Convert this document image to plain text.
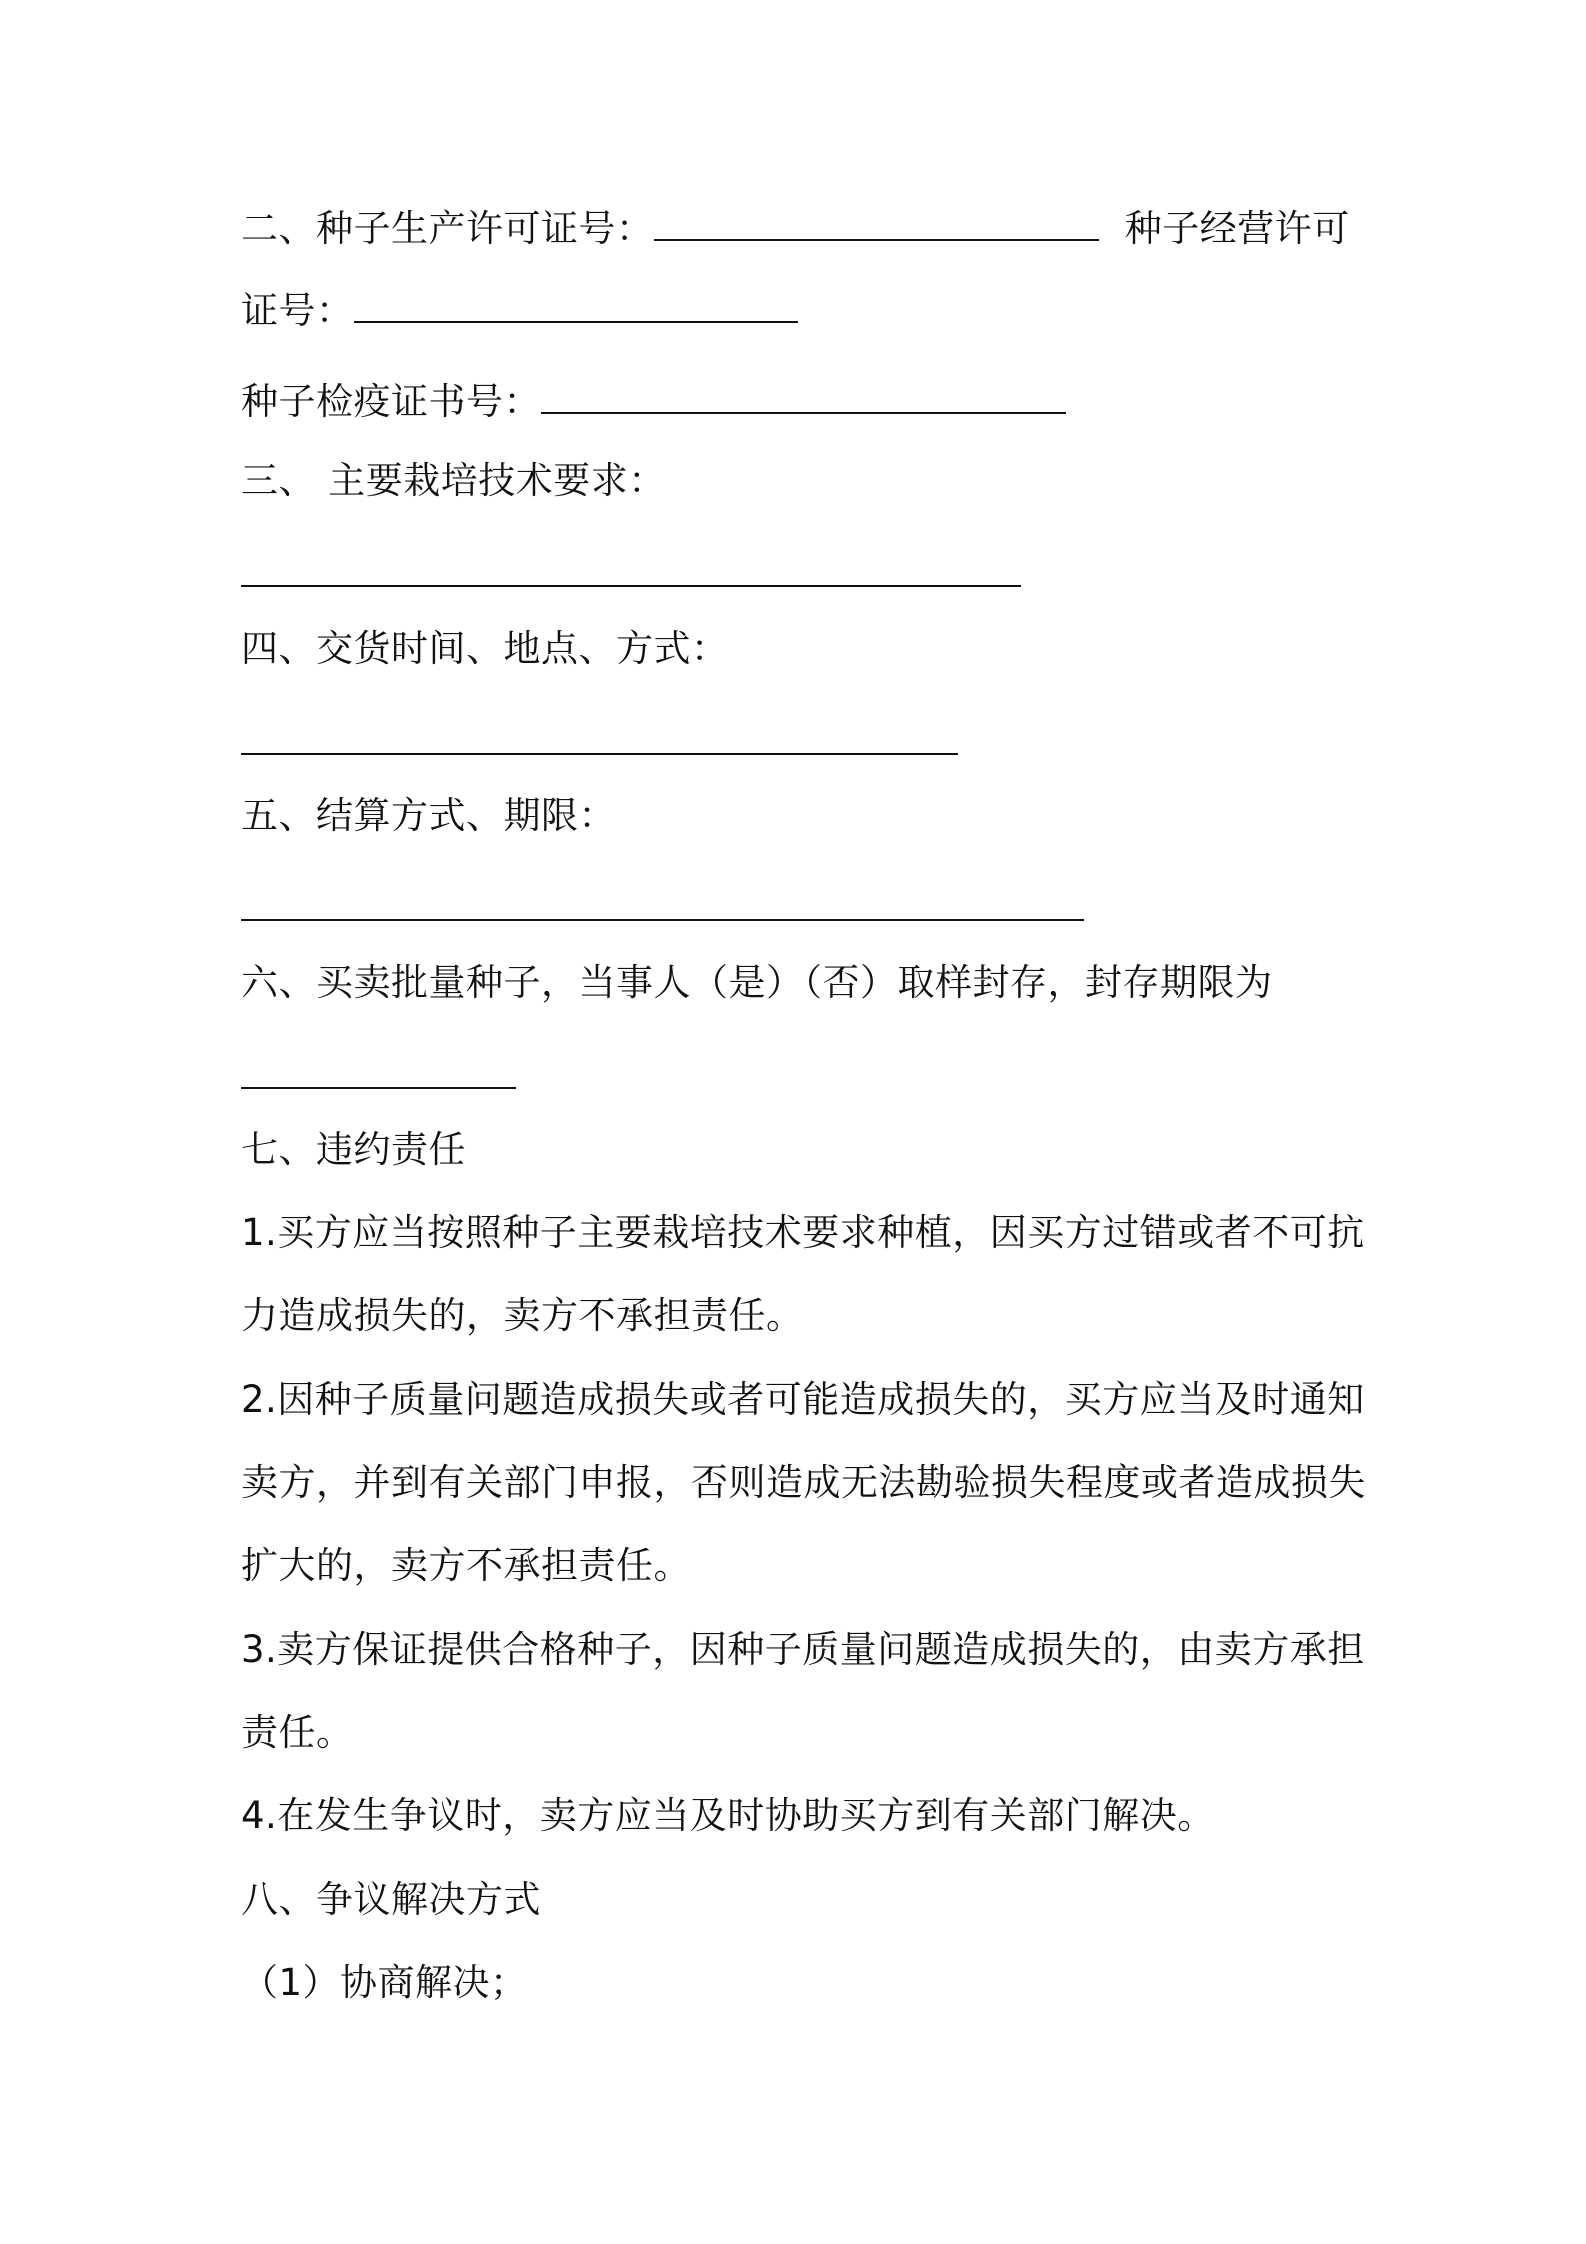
二、种子生产许可证号：	种子经营许可
证号：
种子检疫证书号：
三、 主要栽培技术要求：
四、交货时间、地点、方式：
五、结算方式、期限：
六、买卖批量种子，当事人（是）（否）取样封存，封存期限为
七、违约责任
1.买方应当按照种子主要栽培技术要求种植，因买方过错或者不可抗
力造成损失的，卖方不承担责任。
2.因种子质量问题造成损失或者可能造成损失的，买方应当及时通知
卖方，并到有关部门申报，否则造成无法勘验损失程度或者造成损失
扩大的，卖方不承担责任。
3.卖方保证提供合格种子，因种子质量问题造成损失的，由卖方承担
责任。
4.在发生争议时，卖方应当及时协助买方到有关部门解决。
八、争议解决方式
（1）协商解决；
